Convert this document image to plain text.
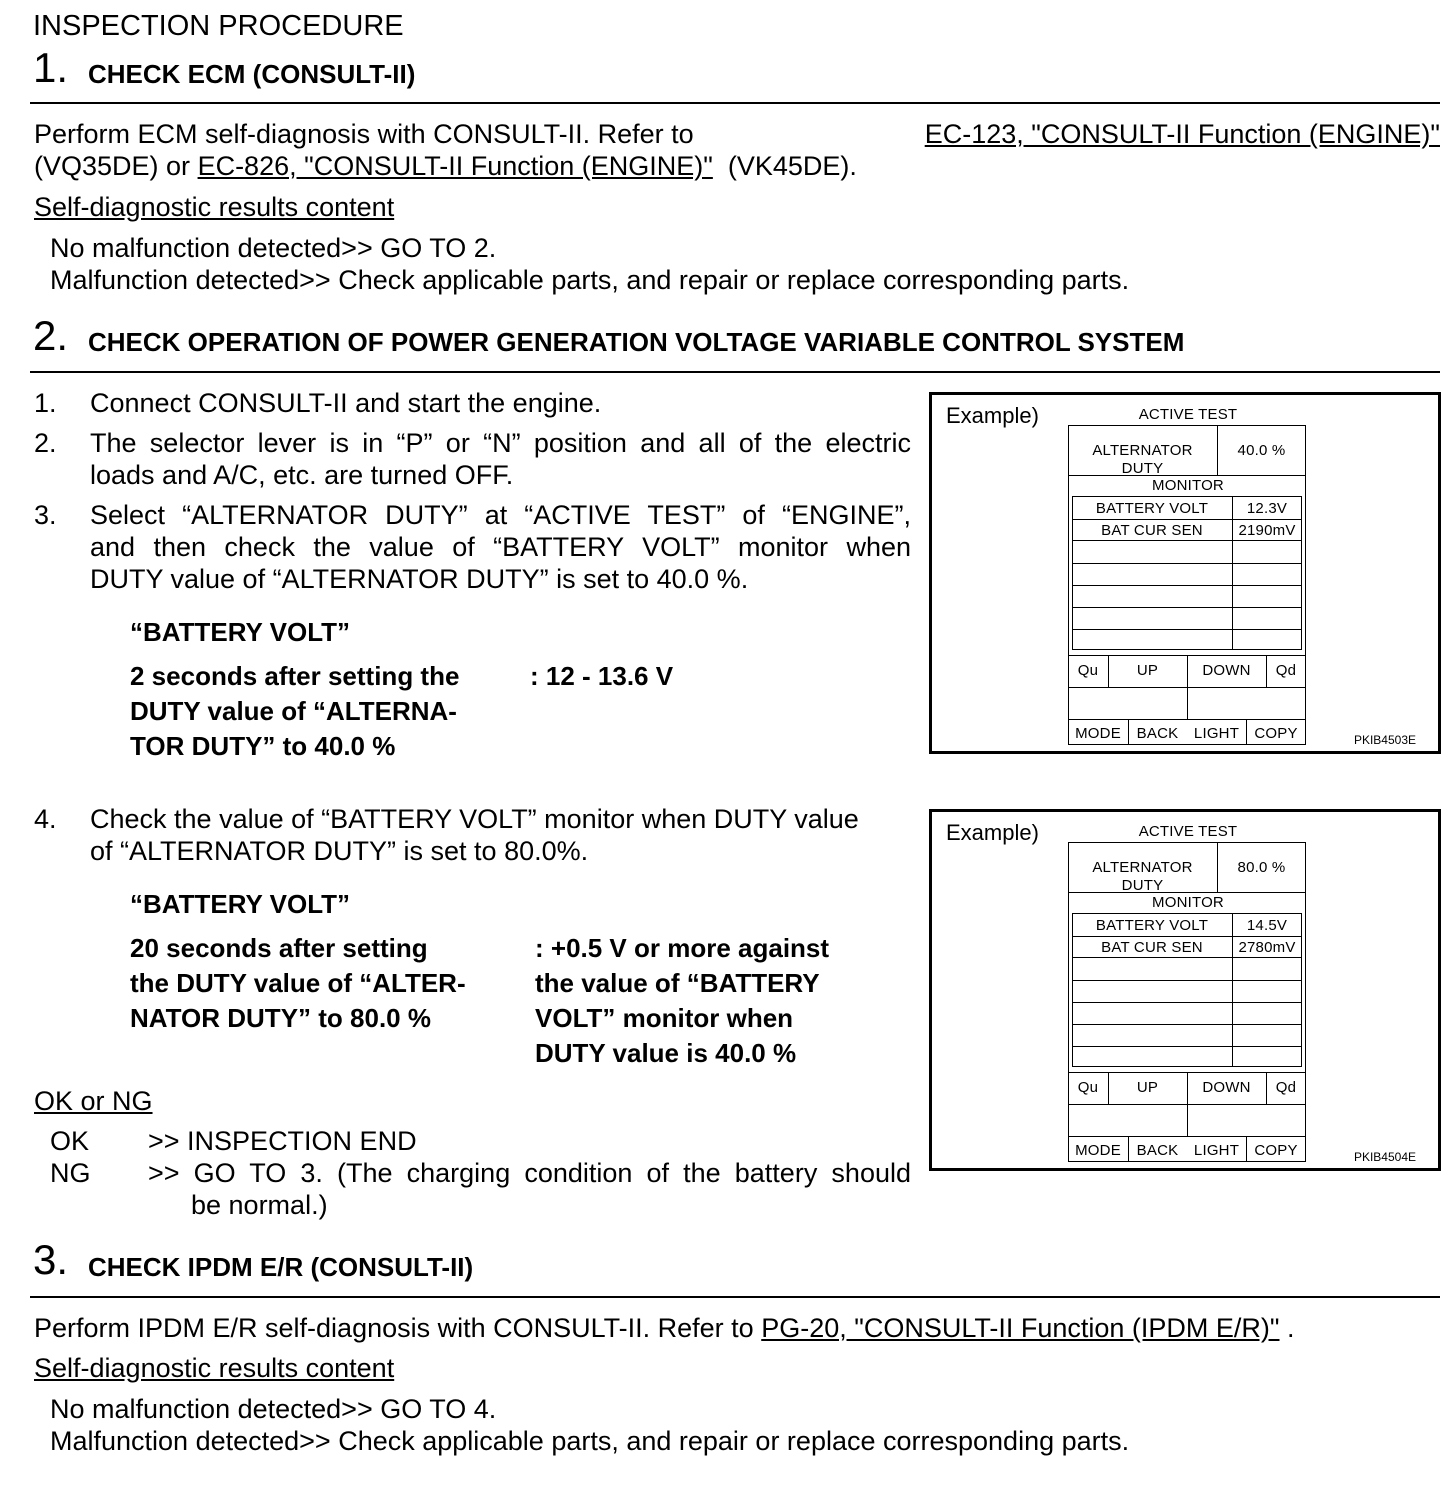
INSPECTION PROCEDURE
1. CHECK ECM (CONSULT-II)
Perform ECM self-diagnosis with CONSULT-II. Refer to	EC-123, "CONSULT-II Function (ENGINE)"
(VQ35DE) or EC-826, "CONSULT-II Function (ENGINE)" (VK45DE).
Self-diagnostic results content
No malfunction detected>> GO TO 2.
Malfunction detected>> Check applicable parts, and repair or replace corresponding parts.
2. CHECK OPERATION OF POWER GENERATION VOLTAGE VARIABLE CONTROL SYSTEM
1. Connect CONSULT-II and start the engine.
2. The selector lever is in “P” or “N” position and all of the electric
loads and A/C, etc. are turned OFF.
3. Select “ALTERNATOR DUTY” at “ACTIVE TEST” of “ENGINE”,
and then check the value of “BATTERY VOLT” monitor when
DUTY value of “ALTERNATOR DUTY” is set to 40.0 %.
“BATTERY VOLT”
2 seconds after setting the
DUTY value of “ALTERNA-
TOR DUTY” to 40.0 %
: 12 - 13.6 V
4. Check the value of “BATTERY VOLT” monitor when DUTY value
of “ALTERNATOR DUTY” is set to 80.0%.
“BATTERY VOLT”
20 seconds after setting
the DUTY value of “ALTER-
NATOR DUTY” to 80.0 %
: +0.5 V or more against
the value of “BATTERY
VOLT” monitor when
DUTY value is 40.0 %
OK or NG
OK >> INSPECTION END
NG >> GO TO 3. (The charging condition of the battery should
be normal.)
Example)	ACTIVE TEST
ALTERNATOR DUTY
40.0 %
MONITOR
BATTERY VOLT	12.3V
BAT CUR SEN	2190mV
Qu	UP	DOWN	Qd
MODE	BACK	LIGHT	COPY	PKIB4503E
Example)	ACTIVE TEST
ALTERNATOR DUTY
80.0 %
MONITOR
BATTERY VOLT	14.5V
BAT CUR SEN	2780mV
Qu	UP	DOWN	Qd
MODE	BACK	LIGHT	COPY	PKIB4504E
3. CHECK IPDM E/R (CONSULT-II)
Perform IPDM E/R self-diagnosis with CONSULT-II. Refer to PG-20, "CONSULT-II Function (IPDM E/R)" .
Self-diagnostic results content
No malfunction detected>> GO TO 4.
Malfunction detected>> Check applicable parts, and repair or replace corresponding parts.
